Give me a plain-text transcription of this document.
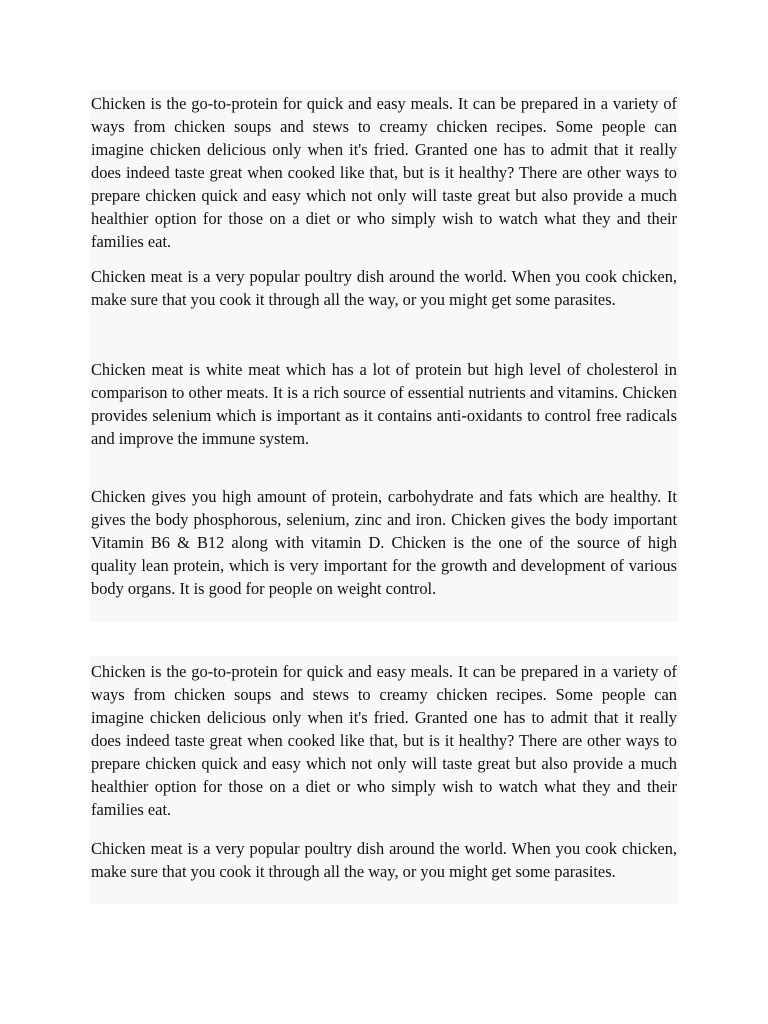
Chicken is the go-to-protein for quick and easy meals. It can be prepared in a variety of ways from chicken soups and stews to creamy chicken recipes. Some people can imagine chicken delicious only when it's fried. Granted one has to admit that it really does indeed taste great when cooked like that, but is it healthy? There are other ways to prepare chicken quick and easy which not only will taste great but also provide a much healthier option for those on a diet or who simply wish to watch what they and their families eat.

Chicken meat is a very popular poultry dish around the world. When you cook chicken, make sure that you cook it through all the way, or you might get some parasites.

Chicken meat is white meat which has a lot of protein but high level of cholesterol in comparison to other meats. It is a rich source of essential nutrients and vitamins. Chicken provides selenium which is important as it contains anti-oxidants to control free radicals and improve the immune system.

Chicken gives you high amount of protein, carbohydrate and fats which are healthy. It gives the body phosphorous, selenium, zinc and iron. Chicken gives the body important Vitamin B6 & B12 along with vitamin D. Chicken is the one of the source of high quality lean protein, which is very important for the growth and development of various body organs. It is good for people on weight control.

Chicken is the go-to-protein for quick and easy meals. It can be prepared in a variety of ways from chicken soups and stews to creamy chicken recipes. Some people can imagine chicken delicious only when it's fried. Granted one has to admit that it really does indeed taste great when cooked like that, but is it healthy? There are other ways to prepare chicken quick and easy which not only will taste great but also provide a much healthier option for those on a diet or who simply wish to watch what they and their families eat.

Chicken meat is a very popular poultry dish around the world. When you cook chicken, make sure that you cook it through all the way, or you might get some parasites.
